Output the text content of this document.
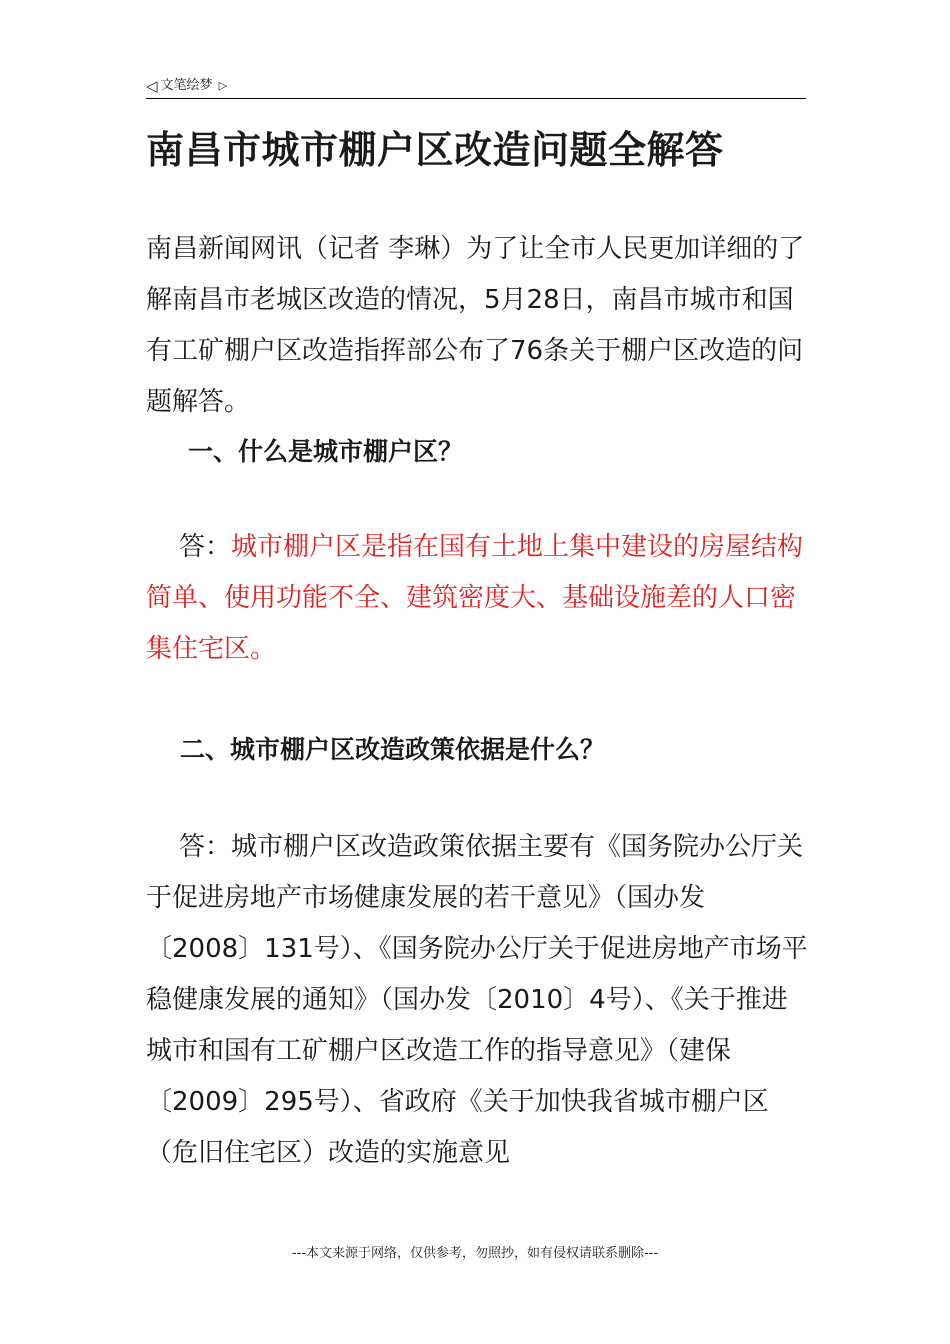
◁ 文笔绘梦 ▷
南昌市城市棚户区改造问题全解答

南昌新闻网讯（记者 李琳）为了让全市人民更加详细的了解南昌市老城区改造的情况，5月28日，南昌市城市和国有工矿棚户区改造指挥部公布了76条关于棚户区改造的问题解答。

一、什么是城市棚户区？

答：城市棚户区是指在国有土地上集中建设的房屋结构简单、使用功能不全、建筑密度大、基础设施差的人口密集住宅区。

二、城市棚户区改造政策依据是什么？

答：城市棚户区改造政策依据主要有《国务院办公厅关于促进房地产市场健康发展的若干意见》（国办发〔2008〕131号）、《国务院办公厅关于促进房地产市场平稳健康发展的通知》（国办发〔2010〕4号）、《关于推进城市和国有工矿棚户区改造工作的指导意见》（建保〔2009〕295号）、省政府《关于加快我省城市棚户区（危旧住宅区）改造的实施意见

---本文来源于网络，仅供参考，勿照抄，如有侵权请联系删除---
